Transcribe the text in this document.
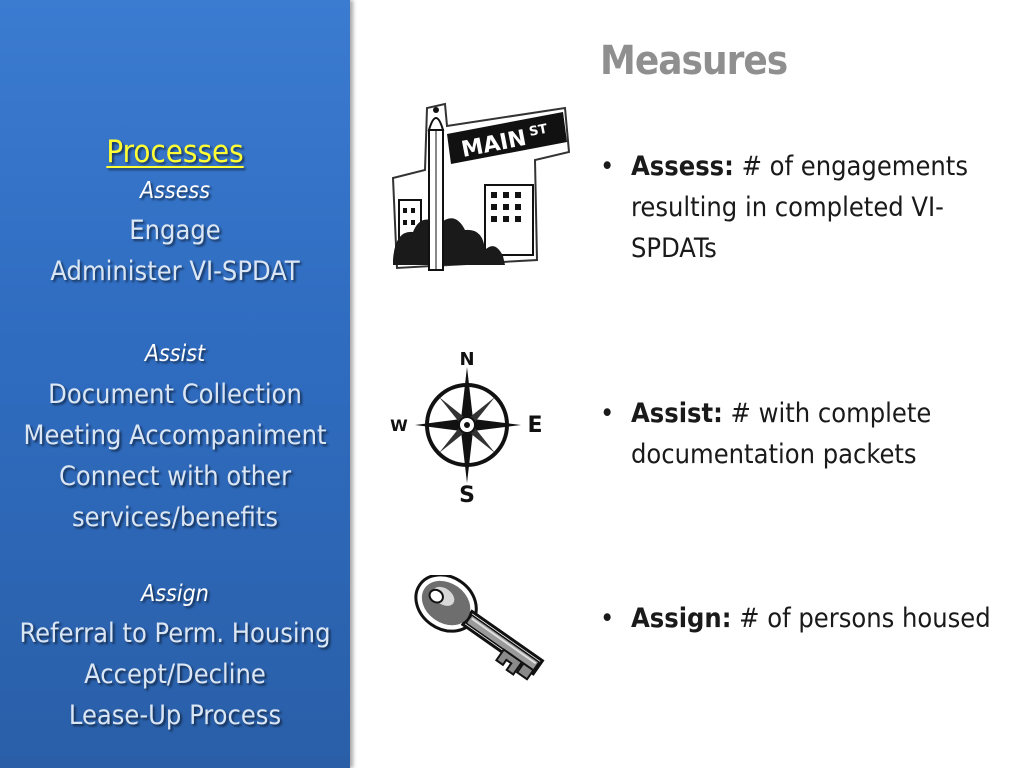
Processes
Assess
Engage
Administer VI-SPDAT
Assist
Document Collection
Meeting Accompaniment
Connect with other
services/benefits
Assign
Referral to Perm. Housing
Accept/Decline
Lease-Up Process
Measures
MAIN ST
N
E
S
W
• Assess: # of engagements resulting in completed VI-SPDATs
• Assist: # with complete documentation packets
• Assign: # of persons housed
